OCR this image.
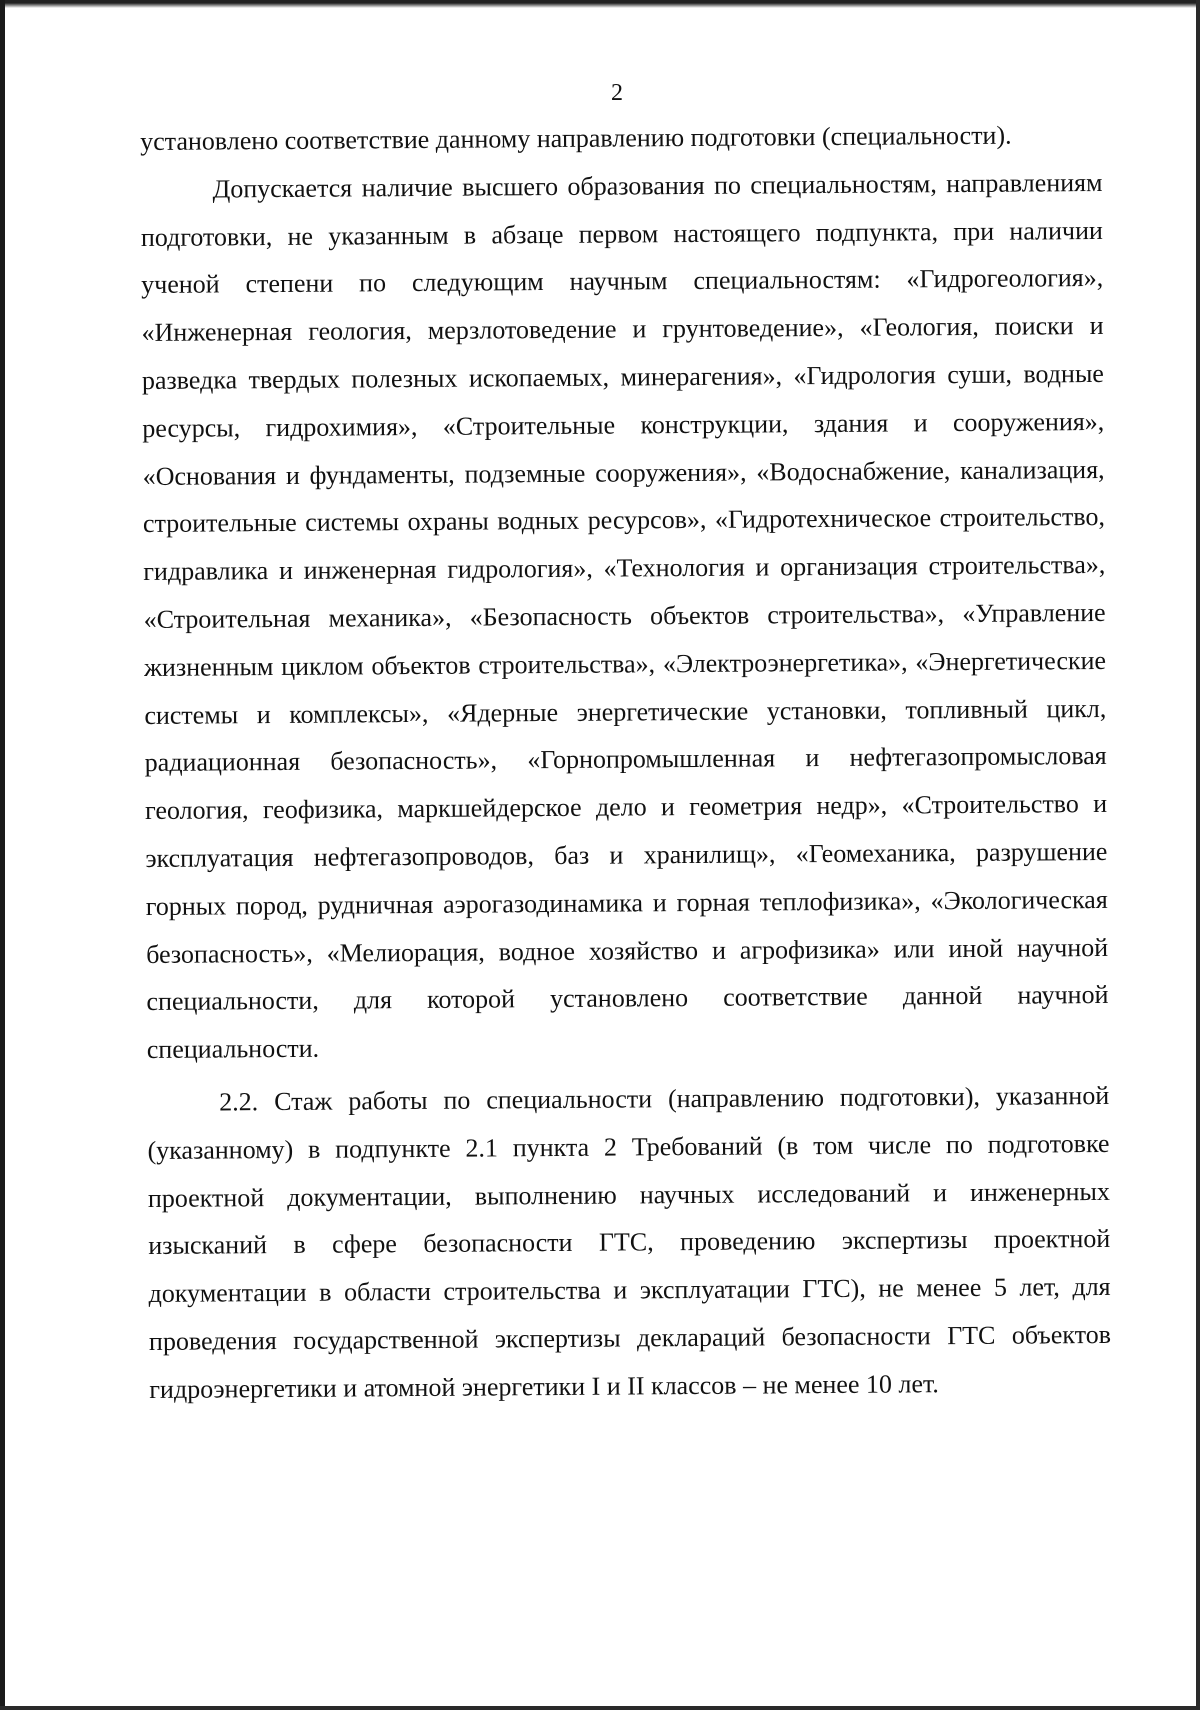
2

установлено соответствие данному направлению подготовки (специальности).

Допускается наличие высшего образования по специальностям, направлениям подготовки, не указанным в абзаце первом настоящего подпункта, при наличии ученой степени по следующим научным специальностям: «Гидрогеология», «Инженерная геология, мерзлотоведение и грунтоведение», «Геология, поиски и разведка твердых полезных ископаемых, минерагения», «Гидрология суши, водные ресурсы, гидрохимия», «Строительные конструкции, здания и сооружения», «Основания и фундаменты, подземные сооружения», «Водоснабжение, канализация, строительные системы охраны водных ресурсов», «Гидротехническое строительство, гидравлика и инженерная гидрология», «Технология и организация строительства», «Строительная механика», «Безопасность объектов строительства», «Управление жизненным циклом объектов строительства», «Электроэнергетика», «Энергетические системы и комплексы», «Ядерные энергетические установки, топливный цикл, радиационная безопасность», «Горнопромышленная и нефтегазопромысловая геология, геофизика, маркшейдерское дело и геометрия недр», «Строительство и эксплуатация нефтегазопроводов, баз и хранилищ», «Геомеханика, разрушение горных пород, рудничная аэрогазодинамика и горная теплофизика», «Экологическая безопасность», «Мелиорация, водное хозяйство и агрофизика» или иной научной специальности, для которой установлено соответствие данной научной специальности.

2.2. Стаж работы по специальности (направлению подготовки), указанной (указанному) в подпункте 2.1 пункта 2 Требований (в том числе по подготовке проектной документации, выполнению научных исследований и инженерных изысканий в сфере безопасности ГТС, проведению экспертизы проектной документации в области строительства и эксплуатации ГТС), не менее 5 лет, для проведения государственной экспертизы деклараций безопасности ГТС объектов гидроэнергетики и атомной энергетики I и II классов – не менее 10 лет.
